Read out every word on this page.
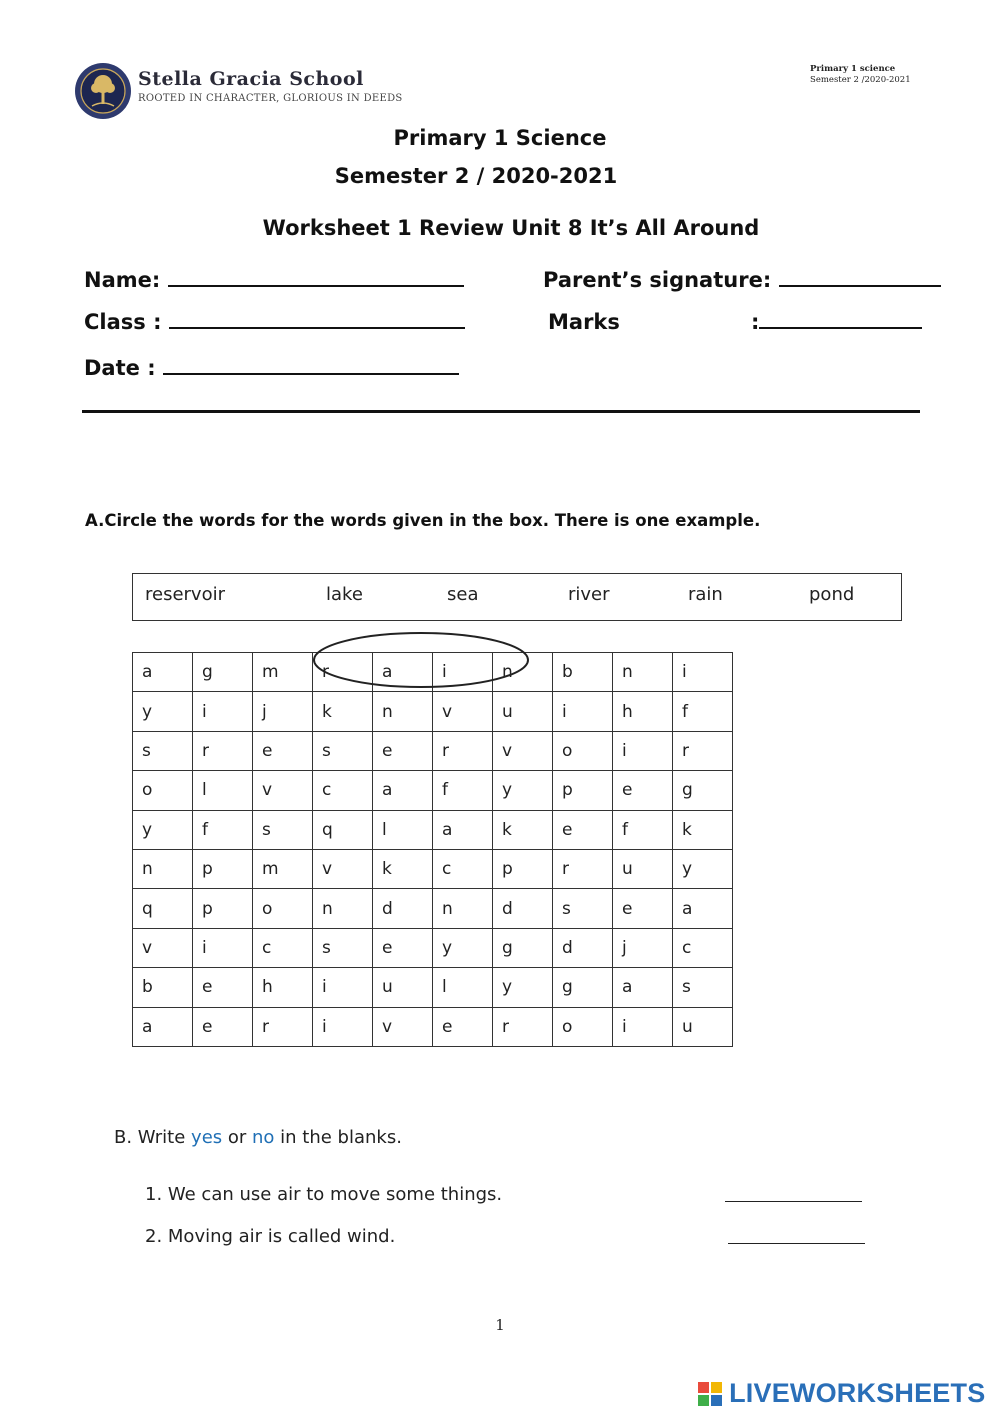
Stella Gracia School
ROOTED IN CHARACTER, GLORIOUS IN DEEDS
Primary 1 science
Semester 2 /2020-2021
Primary 1 Science
Semester 2 / 2020-2021
Worksheet 1 Review Unit 8 It’s All Around
Name:	Parent’s signature:
Class :	Marks	:
Date :
A.Circle the words for the words given in the box. There is one example.
reservoir	lake	sea	river	rain	pond
a	g	m	r	a	i	n	b	n	i
y	i	j	k	n	v	u	i	h	f
s	r	e	s	e	r	v	o	i	r
o	l	v	c	a	f	y	p	e	g
y	f	s	q	l	a	k	e	f	k
n	p	m	v	k	c	p	r	u	y
q	p	o	n	d	n	d	s	e	a
v	i	c	s	e	y	g	d	j	c
b	e	h	i	u	l	y	g	a	s
a	e	r	i	v	e	r	o	i	u
B. Write yes or no in the blanks.
1. We can use air to move some things.
2. Moving air is called wind.
1
LIVEWORKSHEETS
